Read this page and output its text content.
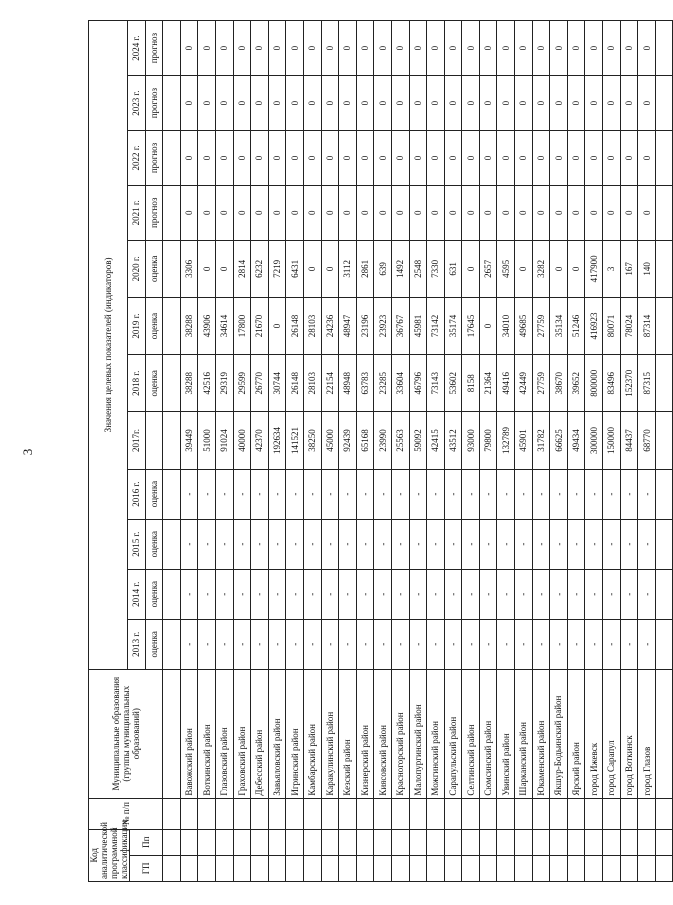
3
Код аналитической программной классификации		№ п/п	Муниципальные образования (группы муниципальных образований)	Значения целевых показателей (индикаторов)											
				2013 г.	2014 г.	2015 г.	2016 г.	2017г.	2018 г.	2019 г.	2020 г.	2021 г.	2022 г.	2023 г.	2024 г.
ГП	Пп														
				оценка	оценка	оценка	оценка		оценка	оценка	оценка	прогноз	прогноз	прогноз	прогноз

			Вавожский район	-	-	-	-	39449	38288	38288	3306	0	0	0	0
			Воткинский район	-	-	-	-	51000	42516	43906	0	0	0	0	0
			Глазовский район	-	-	-	-	91024	29319	34614	0	0	0	0	0
			Граховский район	-	-	-	-	40000	29599	17800	2814	0	0	0	0
			Дебесский район	-	-	-	-	42370	26770	21670	6232	0	0	0	0
			Завьяловский район	-	-	-	-	192634	30744	0	7219	0	0	0	0
			Игринский район	-	-	-	-	141521	26148	26148	6431	0	0	0	0
			Камбарский район	-	-	-	-	38250	28103	28103	0	0	0	0	0
			Каракулинский район	-	-	-	-	45000	22154	24236	0	0	0	0	0
			Кезский район	-	-	-	-	92439	48948	48947	3112	0	0	0	0
			Кизнерский район	-	-	-	-	65168	63783	23196	2861	0	0	0	0
			Киясовский район	-	-	-	-	23990	23285	23923	639	0	0	0	0
			Красногорский район	-	-	-	-	25563	33604	36767	1492	0	0	0	0
			Малопургинский район	-	-	-	-	59092	46796	45981	2548	0	0	0	0
			Можгинский район	-	-	-	-	42415	73143	73142	7330	0	0	0	0
			Сарапульский район	-	-	-	-	43512	53602	35174	631	0	0	0	0
			Селтинский район	-	-	-	-	93000	8158	17645	0	0	0	0	0
			Сюмсинский район	-	-	-	-	79800	21364	0	2657	0	0	0	0
			Увинский район	-	-	-	-	132789	49416	34010	4595	0	0	0	0
			Шарканский район	-	-	-	-	45901	42449	49685	0	0	0	0	0
			Юкаменский район	-	-	-	-	31782	27759	27759	3282	0	0	0	0
			Якшур-Бодьинский район	-	-	-	-	66625	38670	35134	0	0	0	0	0
			Ярский район	-	-	-	-	49434	39652	51246	0	0	0	0	0
			город Ижевск	-	-	-	-	300000	800000	416923	417900	0	0	0	0
			город Сарапул	-	-	-	-	150000	83496	80071	3	0	0	0	0
			город Воткинск	-	-	-	-	84437	152370	78024	167	0	0	0	0
			город Глазов	-	-	-	-	68770	87315	87314	140	0	0	0	0
